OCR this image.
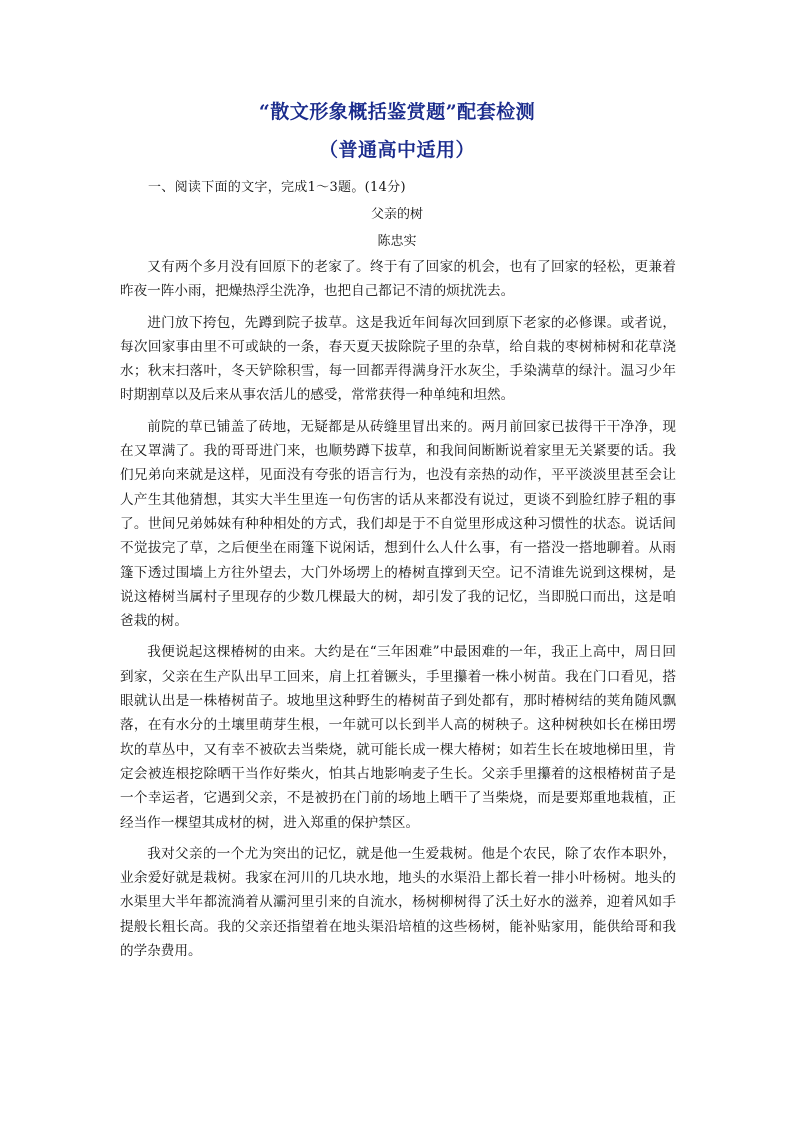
“散文形象概括鉴赏题”配套检测
（普通高中适用）
一、阅读下面的文字，完成1～3题。(14分)
父亲的树
陈忠实

又有两个多月没有回原下的老家了。终于有了回家的机会，也有了回家的轻松，更兼着昨夜一阵小雨，把燥热浮尘洗净，也把自己都记不清的烦扰洗去。

进门放下挎包，先蹲到院子拔草。这是我近年间每次回到原下老家的必修课。或者说，每次回家事由里不可或缺的一条，春天夏天拔除院子里的杂草，给自栽的枣树柿树和花草浇水；秋末扫落叶，冬天铲除积雪，每一回都弄得满身汗水灰尘，手染满草的绿汁。温习少年时期割草以及后来从事农活儿的感受，常常获得一种单纯和坦然。

前院的草已铺盖了砖地，无疑都是从砖缝里冒出来的。两月前回家已拔得干干净净，现在又罩满了。我的哥哥进门来，也顺势蹲下拔草，和我间间断断说着家里无关紧要的话。我们兄弟向来就是这样，见面没有夸张的语言行为，也没有亲热的动作，平平淡淡里甚至会让人产生其他猜想，其实大半生里连一句伤害的话从来都没有说过，更谈不到脸红脖子粗的事了。世间兄弟姊妹有种种相处的方式，我们却是于不自觉里形成这种习惯性的状态。说话间不觉拔完了草，之后便坐在雨篷下说闲话，想到什么人什么事，有一搭没一搭地聊着。从雨篷下透过围墙上方往外望去，大门外场塄上的椿树直撑到天空。记不清谁先说到这棵树，是说这椿树当属村子里现存的少数几棵最大的树，却引发了我的记忆，当即脱口而出，这是咱爸栽的树。

我便说起这棵椿树的由来。大约是在“三年困难”中最困难的一年，我正上高中，周日回到家，父亲在生产队出早工回来，肩上扛着镢头，手里攥着一株小树苗。我在门口看见，搭眼就认出是一株椿树苗子。坡地里这种野生的椿树苗子到处都有，那时椿树结的荚角随风飘落，在有水分的土壤里萌芽生根，一年就可以长到半人高的树秧子。这种树秧如长在梯田塄坎的草丛中，又有幸不被砍去当柴烧，就可能长成一棵大椿树；如若生长在坡地梯田里，肯定会被连根挖除晒干当作好柴火，怕其占地影响麦子生长。父亲手里攥着的这根椿树苗子是一个幸运者，它遇到父亲，不是被扔在门前的场地上晒干了当柴烧，而是要郑重地栽植，正经当作一棵望其成材的树，进入郑重的保护禁区。

我对父亲的一个尤为突出的记忆，就是他一生爱栽树。他是个农民，除了农作本职外，业余爱好就是栽树。我家在河川的几块水地，地头的水渠沿上都长着一排小叶杨树。地头的水渠里大半年都流淌着从灞河里引来的自流水，杨树柳树得了沃土好水的滋养，迎着风如手提般长粗长高。我的父亲还指望着在地头渠沿培植的这些杨树，能补贴家用，能供给哥和我的学杂费用。
